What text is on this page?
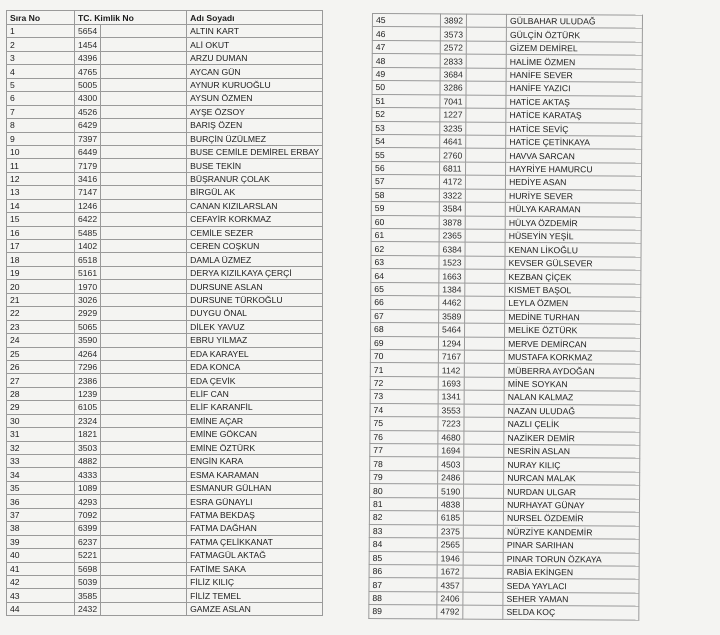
Sıra No	TC. Kimlik No		Adı Soyadı
1	5654		ALTIN KART
2	1454		ALİ OKUT
3	4396		ARZU DUMAN
4	4765		AYCAN GÜN
5	5005		AYNUR KURUOĞLU
6	4300		AYSUN ÖZMEN
7	4526		AYŞE ÖZSOY
8	6429		BARIŞ ÖZEN
9	7397		BURÇİN ÜZÜLMEZ
10	6449		BUSE CEMİLE DEMİREL ERBAY
11	7179		BUSE TEKİN
12	3416		BÜŞRANUR ÇOLAK
13	7147		BİRGÜL AK
14	1246		CANAN KIZILARSLAN
15	6422		CEFAYİR KORKMAZ
16	5485		CEMİLE SEZER
17	1402		CEREN COŞKUN
18	6518		DAMLA ÜZMEZ
19	5161		DERYA KIZILKAYA ÇERÇİ
20	1970		DURSUNE ASLAN
21	3026		DURSUNE TÜRKOĞLU
22	2929		DUYGU ÖNAL
23	5065		DİLEK YAVUZ
24	3590		EBRU YILMAZ
25	4264		EDA KARAYEL
26	7296		EDA KONCA
27	2386		EDA ÇEVİK
28	1239		ELİF CAN
29	6105		ELİF KARANFİL
30	2324		EMİNE AÇAR
31	1821		EMİNE GÖKCAN
32	3503		EMİNE ÖZTÜRK
33	4882		ENGİN KARA
34	4333		ESMA KARAMAN
35	1089		ESMANUR GÜLHAN
36	4293		ESRA GÜNAYLI
37	7092		FATMA BEKDAŞ
38	6399		FATMA DAĞHAN
39	6237		FATMA ÇELİKKANAT
40	5221		FATMAGÜL AKTAĞ
41	5698		FATİME SAKA
42	5039		FİLİZ KILIÇ
43	3585		FİLİZ TEMEL
44	2432		GAMZE ASLAN
45	3892		GÜLBAHAR ULUDAĞ
46	3573		GÜLÇİN ÖZTÜRK
47	2572		GİZEM DEMİREL
48	2833		HALİME ÖZMEN
49	3684		HANİFE SEVER
50	3286		HANİFE YAZICI
51	7041		HATİCE AKTAŞ
52	1227		HATİCE KARATAŞ
53	3235		HATİCE SEVİÇ
54	4641		HATİCE ÇETİNKAYA
55	2760		HAVVA SARCAN
56	6811		HAYRİYE HAMURCU
57	4172		HEDİYE ASAN
58	3322		HURİYE SEVER
59	3584		HÜLYA KARAMAN
60	3878		HÜLYA ÖZDEMİR
61	2365		HÜSEYİN YEŞİL
62	6384		KENAN LİKOĞLU
63	1523		KEVSER GÜLSEVER
64	1663		KEZBAN ÇİÇEK
65	1384		KISMET BAŞOL
66	4462		LEYLA ÖZMEN
67	3589		MEDİNE TURHAN
68	5464		MELİKE ÖZTÜRK
69	1294		MERVE DEMİRCAN
70	7167		MUSTAFA KORKMAZ
71	1142		MÜBERRA AYDOĞAN
72	1693		MİNE SOYKAN
73	1341		NALAN KALMAZ
74	3553		NAZAN ULUDAĞ
75	7223		NAZLI ÇELİK
76	4680		NAZİKER DEMİR
77	1694		NESRİN ASLAN
78	4503		NURAY KILIÇ
79	2486		NURCAN MALAK
80	5190		NURDAN ULGAR
81	4838		NURHAYAT GÜNAY
82	6185		NURSEL ÖZDEMİR
83	2375		NÜRZİYE KANDEMİR
84	2565		PINAR SARIHAN
85	1946		PINAR TORUN ÖZKAYA
86	1672		RABİA EKİNGEN
87	4357		SEDA YAYLACI
88	2406		SEHER YAMAN
89	4792		SELDA KOÇ
